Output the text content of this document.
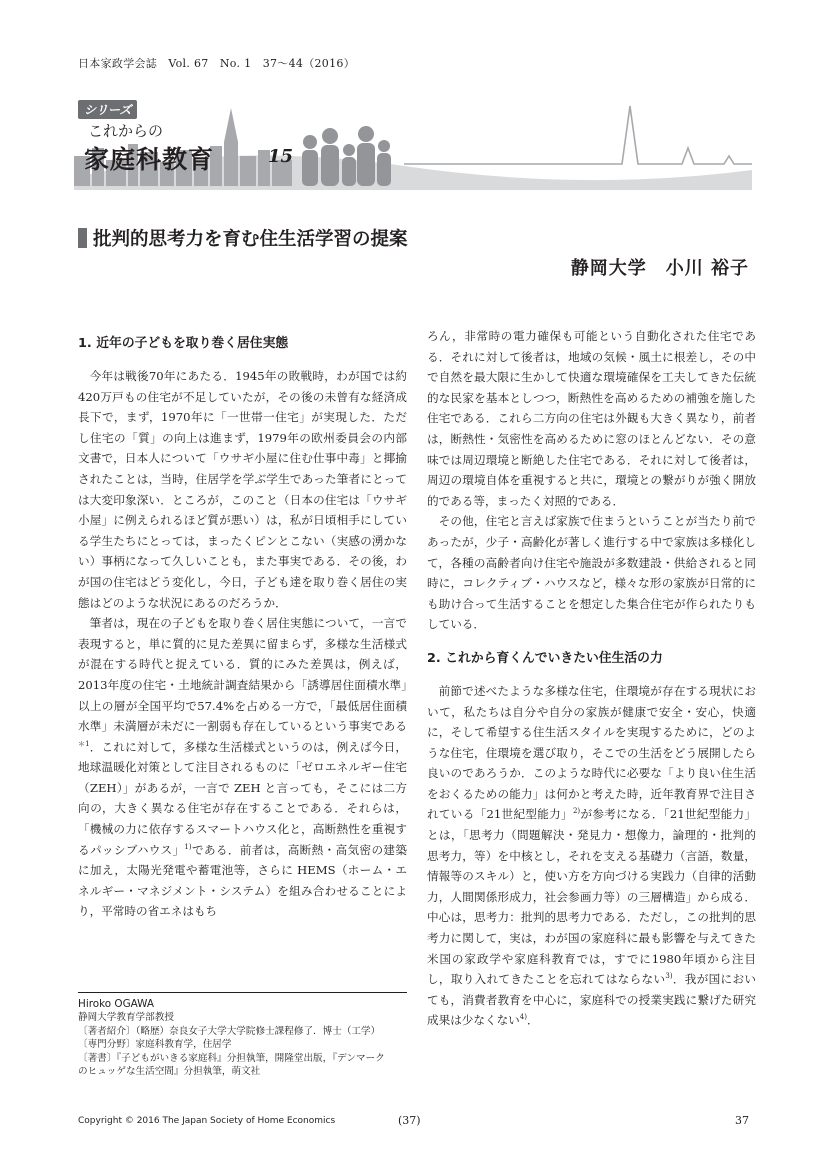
日本家政学会誌　Vol. 67　No. 1　37～44（2016）
シリーズ
これからの
家庭科教育	15
批判的思考力を育む住生活学習の提案
静岡大学　小川 裕子
1. 近年の子どもを取り巻く居住実態

今年は戦後70年にあたる．1945年の敗戦時，わが国では約420万戸もの住宅が不足していたが，その後の未曾有な経済成長下で，まず，1970年に「一世帯一住宅」が実現した．ただし住宅の「質」の向上は進まず，1979年の欧州委員会の内部文書で，日本人について「ウサギ小屋に住む仕事中毒」と揶揄されたことは，当時，住居学を学ぶ学生であった筆者にとっては大変印象深い．ところが，このこと（日本の住宅は「ウサギ小屋」に例えられるほど質が悪い）は，私が日頃相手にしている学生たちにとっては，まったくピンとこない（実感の湧かない）事柄になって久しいことも，また事実である．その後，わが国の住宅はどう変化し，今日，子ども達を取り巻く居住の実態はどのような状況にあるのだろうか．

筆者は，現在の子どもを取り巻く居住実態について，一言で表現すると，単に質的に見た差異に留まらず，多様な生活様式が混在する時代と捉えている．質的にみた差異は，例えば，2013年度の住宅・土地統計調査結果から「誘導居住面積水準」以上の層が全国平均で57.4%を占める一方で，「最低居住面積水準」未満層が未だに一割弱も存在しているという事実である$^{*1}$．これに対して，多様な生活様式というのは，例えば今日，地球温暖化対策として注目されるものに「ゼロエネルギー住宅（ZEH）」があるが，一言で ZEH と言っても，そこには二方向の，大きく異なる住宅が存在することである．それらは，「機械の力に依存するスマートハウス化と，高断熱性を重視するパッシブハウス」$^{1)}$である．前者は，高断熱・高気密の建築に加え，太陽光発電や蓄電池等，さらに HEMS（ホーム・エネルギー・マネジメント・システム）を組み合わせることにより，平常時の省エネはもち

ろん，非常時の電力確保も可能という自動化された住宅である．それに対して後者は，地域の気候・風土に根差し，その中で自然を最大限に生かして快適な環境確保を工夫してきた伝統的な民家を基本としつつ，断熱性を高めるための補強を施した住宅である．これら二方向の住宅は外観も大きく異なり，前者は，断熱性・気密性を高めるために窓のほとんどない．その意味では周辺環境と断絶した住宅である．それに対して後者は，周辺の環境自体を重視すると共に，環境との繋がりが強く開放的である等，まったく対照的である．

その他，住宅と言えば家族で住まうということが当たり前であったが，少子・高齢化が著しく進行する中で家族は多様化して，各種の高齢者向け住宅や施設が多数建設・供給されると同時に，コレクティブ・ハウスなど，様々な形の家族が日常的にも助け合って生活することを想定した集合住宅が作られたりもしている．

2. これから育くんでいきたい住生活の力

前節で述べたような多様な住宅，住環境が存在する現状において，私たちは自分や自分の家族が健康で安全・安心，快適に，そして希望する住生活スタイルを実現するために，どのような住宅，住環境を選び取り，そこでの生活をどう展開したら良いのであろうか．このような時代に必要な「より良い住生活をおくるための能力」は何かと考えた時，近年教育界で注目されている「21世紀型能力」$^{2)}$が参考になる．「21世紀型能力」とは，「思考力（問題解決・発見力・想像力，論理的・批判的思考力，等）を中核とし，それを支える基礎力（言語，数量，情報等のスキル）と，使い方を方向づける実践力（自律的活動力，人間関係形成力，社会参画力等）の三層構造」から成る．中心は，思考力：批判的思考力である．ただし，この批判的思考力に関して，実は，わが国の家庭科に最も影響を与えてきた米国の家政学や家庭科教育では，すでに1980年頃から注目し，取り入れてきたことを忘れてはならない$^{3)}$．我が国においても，消費者教育を中心に，家庭科での授業実践に繋げた研究成果は少なくない$^{4)}$．

Hiroko OGAWA
静岡大学教育学部教授
〔著者紹介〕（略歴）奈良女子大学大学院修士課程修了．博士（工学）
〔専門分野〕家庭科教育学，住居学
〔著書〕『子どもがいきる家庭科』分担執筆，開隆堂出版，『デンマーク
のヒュッゲな生活空間』分担執筆，萌文社
Copyright © 2016 The Japan Society of Home Economics	(37)	37
